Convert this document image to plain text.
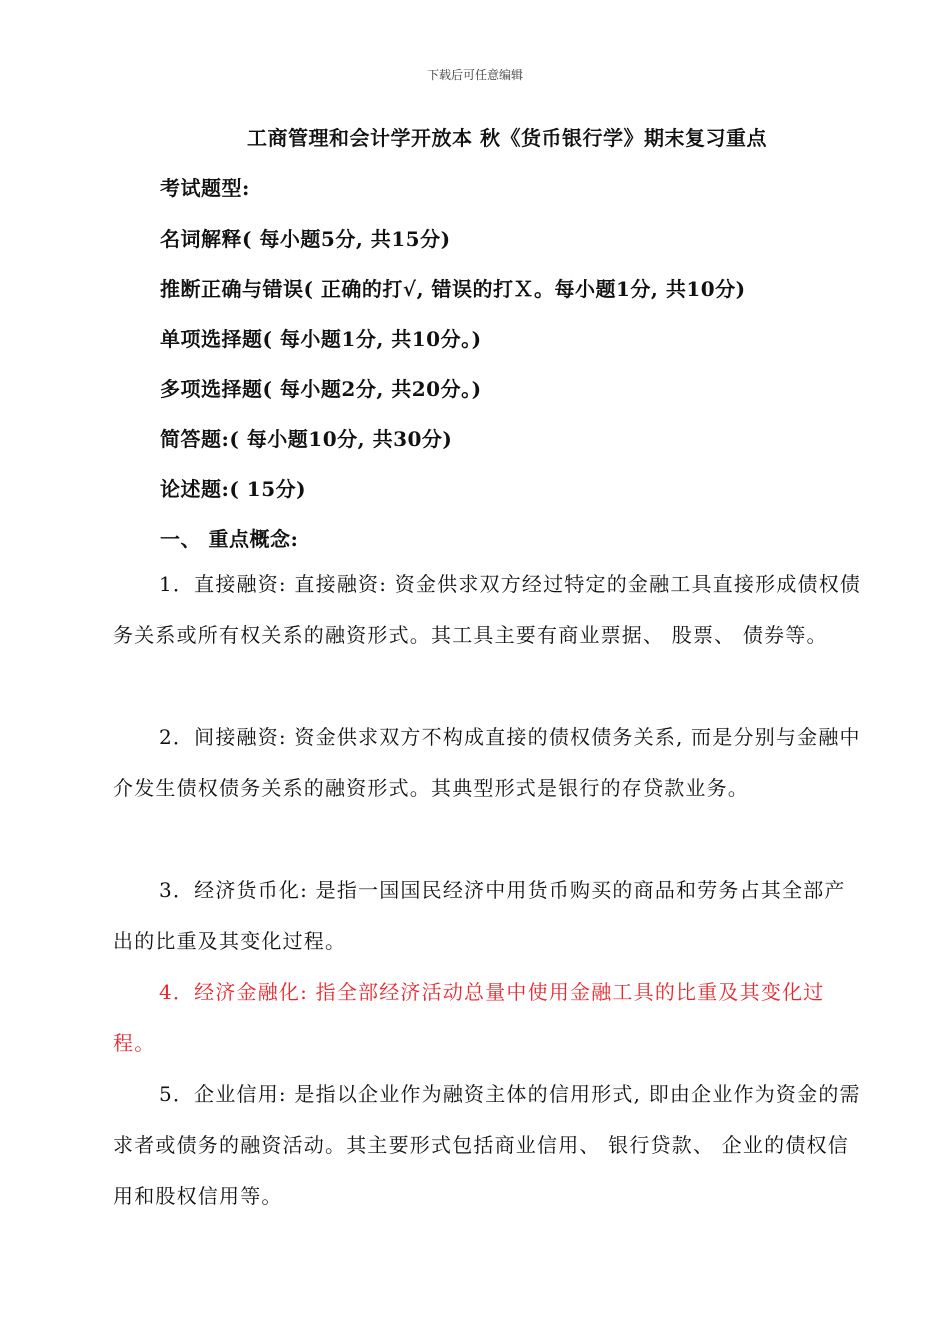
下载后可任意编辑
工商管理和会计学开放本 秋《货币银行学》期末复习重点
考试题型:
名词解释( 每小题5分, 共15分)
推断正确与错误( 正确的打√, 错误的打Ｘ。每小题1分, 共10分)
单项选择题( 每小题1分, 共10分。)
多项选择题( 每小题2分, 共20分。)
简答题:( 每小题10分, 共30分)
论述题:( 15分)
一、 重点概念:

1．直接融资: 直接融资: 资金供求双方经过特定的金融工具直接形成债权债务关系或所有权关系的融资形式。其工具主要有商业票据、 股票、 债券等。

2．间接融资: 资金供求双方不构成直接的债权债务关系, 而是分别与金融中介发生债权债务关系的融资形式。其典型形式是银行的存贷款业务。

3．经济货币化: 是指一国国民经济中用货币购买的商品和劳务占其全部产出的比重及其变化过程。

4．经济金融化: 指全部经济活动总量中使用金融工具的比重及其变化过程。

5．企业信用: 是指以企业作为融资主体的信用形式, 即由企业作为资金的需求者或债务的融资活动。其主要形式包括商业信用、 银行贷款、 企业的债权信用和股权信用等。
